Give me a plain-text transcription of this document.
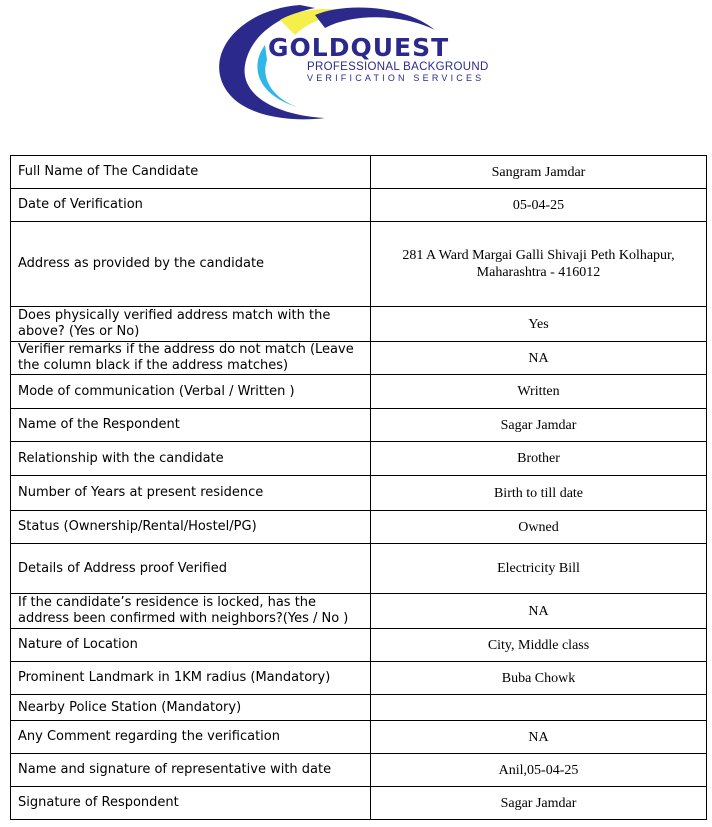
GOLDQUEST
PROFESSIONAL BACKGROUND
VERIFICATION SERVICES
Full Name of The Candidate	Sangram Jamdar
Date of Verification	05-04-25
Address as provided by the candidate	281 A Ward Margai Galli Shivaji Peth Kolhapur, Maharashtra - 416012
Does physically verified address match with the above? (Yes or No)	Yes
Verifier remarks if the address do not match (Leave the column black if the address matches)	NA
Mode of communication (Verbal / Written )	Written
Name of the Respondent	Sagar Jamdar
Relationship with the candidate	Brother
Number of Years at present residence	Birth to till date
Status (Ownership/Rental/Hostel/PG)	Owned
Details of Address proof Verified	Electricity Bill
If the candidate’s residence is locked, has the address been confirmed with neighbors?(Yes / No )	NA
Nature of Location	City, Middle class
Prominent Landmark in 1KM radius (Mandatory)	Buba Chowk
Nearby Police Station (Mandatory)	
Any Comment regarding the verification	NA
Name and signature of representative with date	Anil,05-04-25
Signature of Respondent	Sagar Jamdar
